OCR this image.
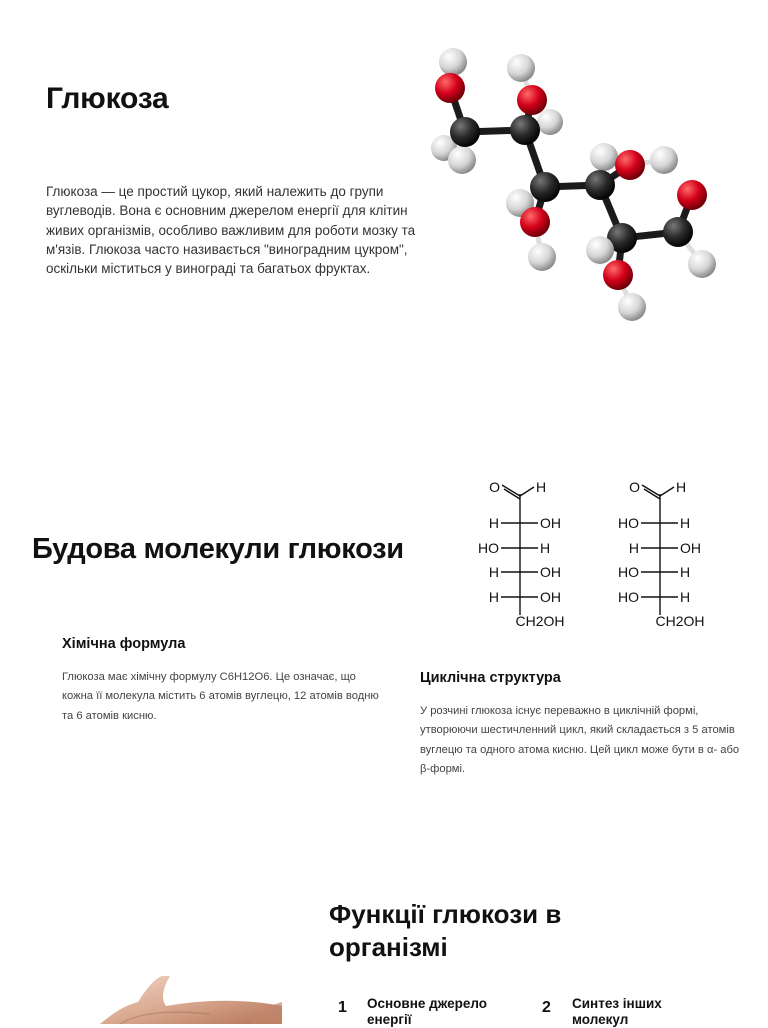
Глюкоза

Глюкоза — це простий цукор, який належить до групи вуглеводів. Вона є основним джерелом енергії для клітин живих організмів, особливо важливим для роботи мозку та м'язів. Глюкоза часто називається "виноградним цукром", оскільки міститься у винограді та багатьох фруктах.

Будова молекули глюкози
O	H
H	OH
HO	H
H	OH
H	OH
CH2OH
O	H
HO	H
H	OH
HO	H
HO	H
CH2OH
Хімічна формула

Глюкоза має хімічну формулу C6H12O6. Це означає, що кожна її молекула містить 6 атомів вуглецю, 12 атомів водню та 6 атомів кисню.

Циклічна структура

У розчині глюкоза існує переважно в циклічній формі, утворюючи шестичленний цикл, який складається з 5 атомів вуглецю та одного атома кисню. Цей цикл може бути в α- або β-формі.

Функції глюкози в організмі
1 Основне джерело енергії
2 Синтез інших молекул
